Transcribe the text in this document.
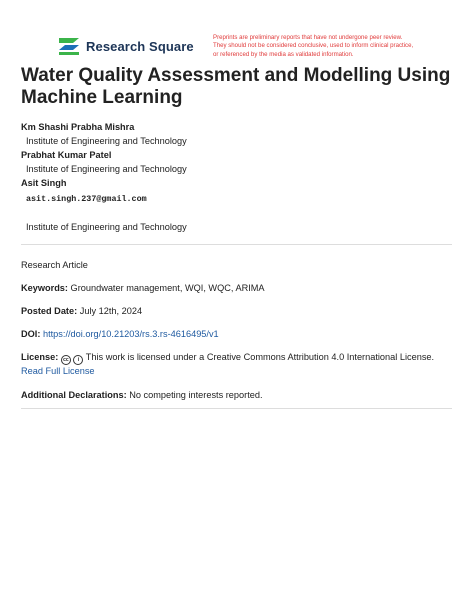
Research Square
Preprints are preliminary reports that have not undergone peer review.
They should not be considered conclusive, used to inform clinical practice,
or referenced by the media as validated information.
Water Quality Assessment and Modelling Using Machine Learning
Km Shashi Prabha Mishra
Institute of Engineering and Technology
Prabhat Kumar Patel
Institute of Engineering and Technology
Asit Singh
asit.singh.237@gmail.com
Institute of Engineering and Technology
Research Article
Keywords: Groundwater management, WQI, WQC, ARIMA
Posted Date: July 12th, 2024
DOI: https://doi.org/10.21203/rs.3.rs-4616495/v1
License: cc i This work is licensed under a Creative Commons Attribution 4.0 International License.
Read Full License
Additional Declarations: No competing interests reported.
